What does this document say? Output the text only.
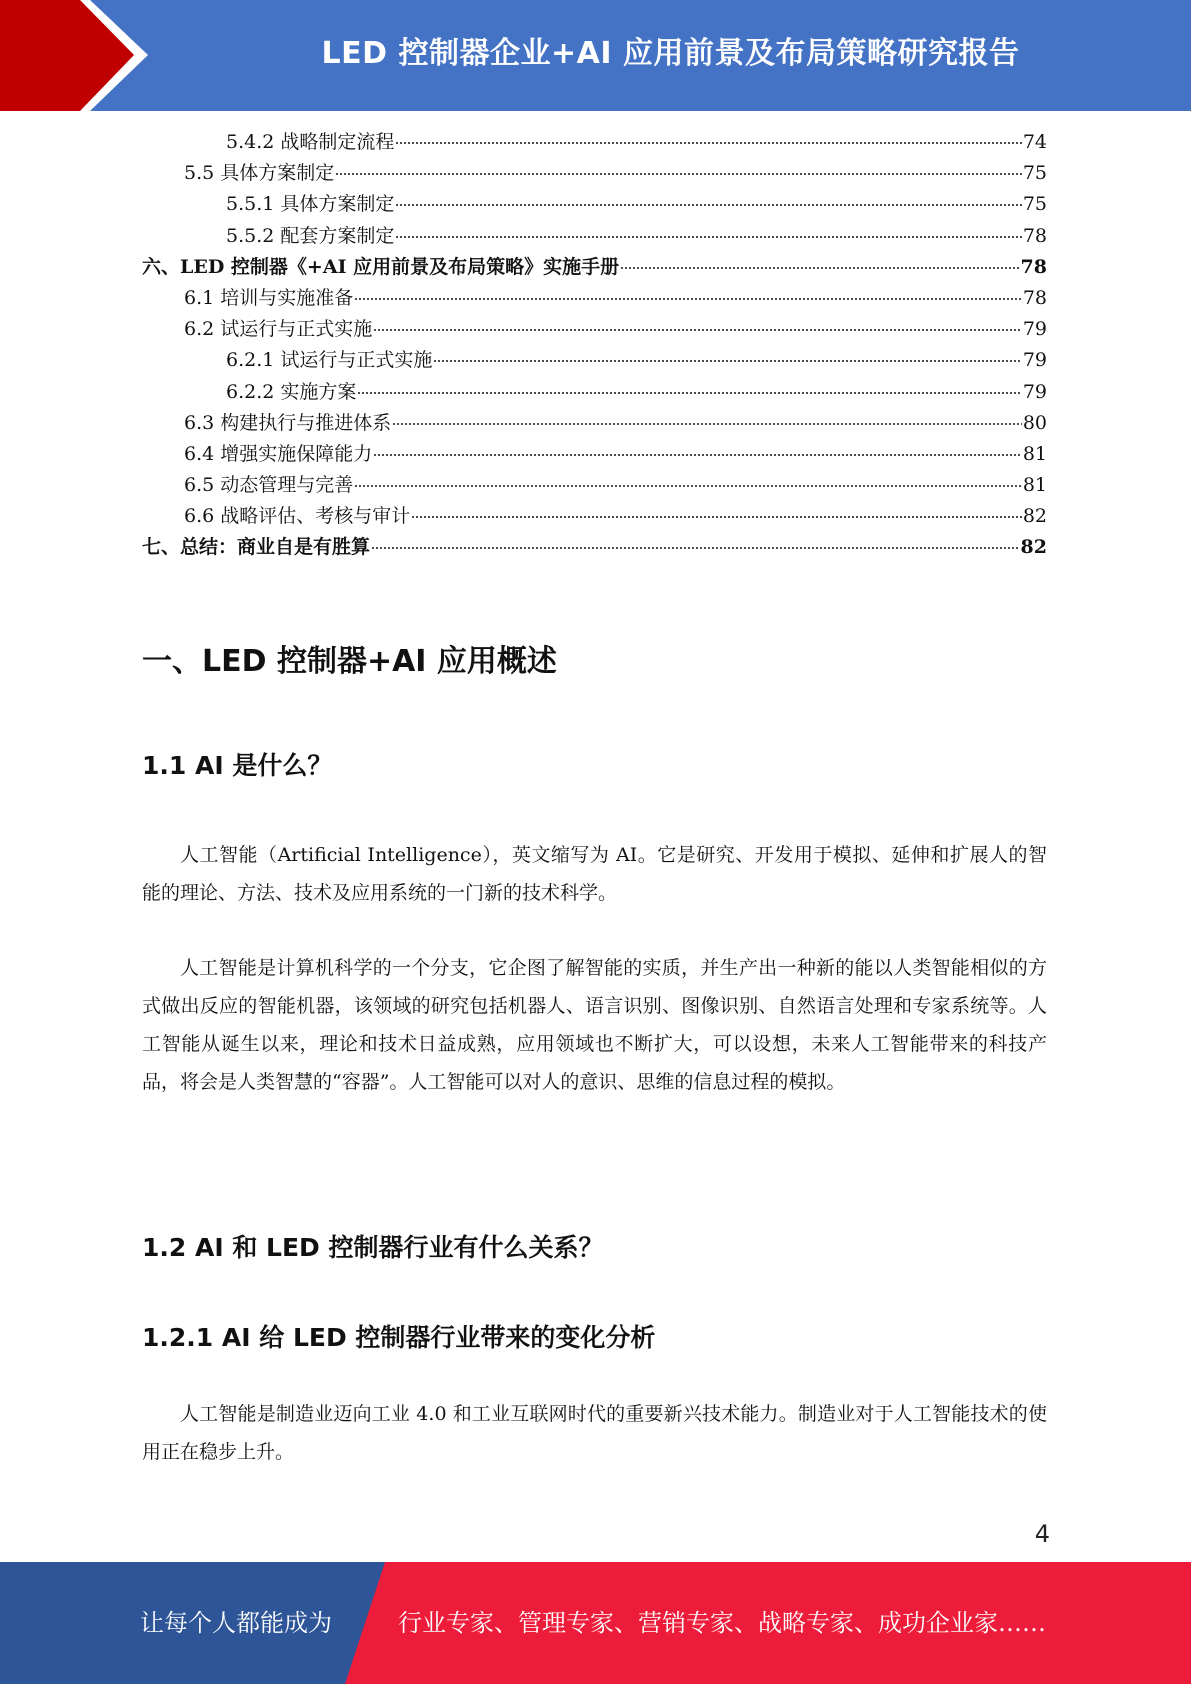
LED 控制器企业+AI 应用前景及布局策略研究报告
5.4.2 战略制定流程	74
5.5 具体方案制定	75
5.5.1 具体方案制定	75
5.5.2 配套方案制定	78
六、LED 控制器《+AI 应用前景及布局策略》实施手册	78
6.1 培训与实施准备	78
6.2 试运行与正式实施	79
6.2.1 试运行与正式实施	79
6.2.2 实施方案	79
6.3 构建执行与推进体系	80
6.4 增强实施保障能力	81
6.5 动态管理与完善	81
6.6 战略评估、考核与审计	82
七、总结：商业自是有胜算	82
一、LED 控制器+AI 应用概述
1.1 AI 是什么？

人工智能（Artificial Intelligence），英文缩写为 AI。它是研究、开发用于模拟、延伸和扩展人的智能的理论、方法、技术及应用系统的一门新的技术科学。

人工智能是计算机科学的一个分支，它企图了解智能的实质，并生产出一种新的能以人类智能相似的方式做出反应的智能机器，该领域的研究包括机器人、语言识别、图像识别、自然语言处理和专家系统等。人工智能从诞生以来，理论和技术日益成熟，应用领域也不断扩大，可以设想，未来人工智能带来的科技产品，将会是人类智慧的“容器”。人工智能可以对人的意识、思维的信息过程的模拟。

1.2 AI 和 LED 控制器行业有什么关系？
1.2.1 AI 给 LED 控制器行业带来的变化分析

人工智能是制造业迈向工业 4.0 和工业互联网时代的重要新兴技术能力。制造业对于人工智能技术的使用正在稳步上升。

4
让每个人都能成为	行业专家、管理专家、营销专家、战略专家、成功企业家……
